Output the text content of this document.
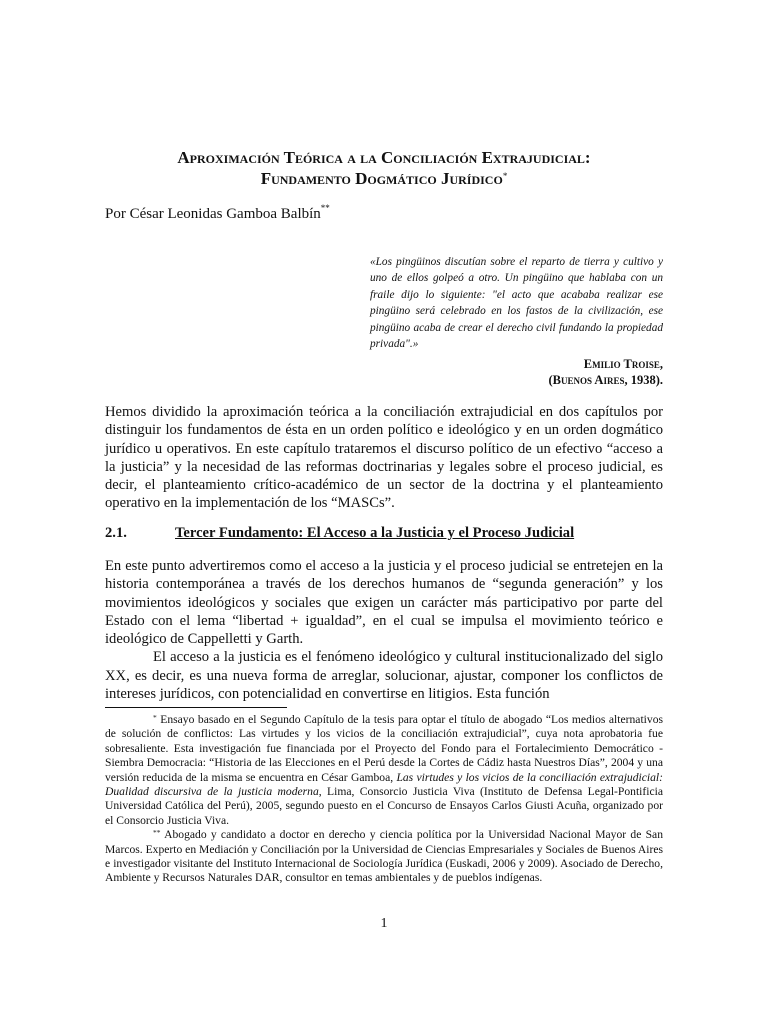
Aproximación Teórica a la Conciliación Extrajudicial:
Fundamento Dogmático Jurídico*
Por César Leonidas Gamboa Balbín**
«Los pingüinos discutían sobre el reparto de tierra y cultivo y uno de ellos golpeó a otro. Un pingüino que hablaba con un fraile dijo lo siguiente: "el acto que acababa realizar ese pingüino será celebrado en los fastos de la civilización, ese pingüino acaba de crear el derecho civil fundando la propiedad privada".»
Emilio Troise,
(Buenos Aires, 1938).

Hemos dividido la aproximación teórica a la conciliación extrajudicial en dos capítulos por distinguir los fundamentos de ésta en un orden político e ideológico y en un orden dogmático jurídico u operativos. En este capítulo trataremos el discurso político de un efectivo “acceso a la justicia” y la necesidad de las reformas doctrinarias y legales sobre el proceso judicial, es decir, el planteamiento crítico-académico de un sector de la doctrina y el planteamiento operativo en la implementación de los “MASCs”.

2.1.	Tercer Fundamento: El Acceso a la Justicia y el Proceso Judicial

En este punto advertiremos como el acceso a la justicia y el proceso judicial se entretejen en la historia contemporánea a través de los derechos humanos de “segunda generación” y los movimientos ideológicos y sociales que exigen un carácter más participativo por parte del Estado con el lema “libertad + igualdad”, en el cual se impulsa el movimiento teórico e ideológico de Cappelletti y Garth.

El acceso a la justicia es el fenómeno ideológico y cultural institucionalizado del siglo XX, es decir, es una nueva forma de arreglar, solucionar, ajustar, componer los conflictos de intereses jurídicos, con potencialidad en convertirse en litigios. Esta función

* Ensayo basado en el Segundo Capítulo de la tesis para optar el título de abogado “Los medios alternativos de solución de conflictos: Las virtudes y los vicios de la conciliación extrajudicial”, cuya nota aprobatoria fue sobresaliente. Esta investigación fue financiada por el Proyecto del Fondo para el Fortalecimiento Democrático - Siembra Democracia: “Historia de las Elecciones en el Perú desde la Cortes de Cádiz hasta Nuestros Días”, 2004 y una versión reducida de la misma se encuentra en César Gamboa, Las virtudes y los vicios de la conciliación extrajudicial: Dualidad discursiva de la justicia moderna, Lima, Consorcio Justicia Viva (Instituto de Defensa Legal-Pontificia Universidad Católica del Perú), 2005, segundo puesto en el Concurso de Ensayos Carlos Giusti Acuña, organizado por el Consorcio Justicia Viva.

** Abogado y candidato a doctor en derecho y ciencia política por la Universidad Nacional Mayor de San Marcos. Experto en Mediación y Conciliación por la Universidad de Ciencias Empresariales y Sociales de Buenos Aires e investigador visitante del Instituto Internacional de Sociología Jurídica (Euskadi, 2006 y 2009). Asociado de Derecho, Ambiente y Recursos Naturales DAR, consultor en temas ambientales y de pueblos indígenas.

1
